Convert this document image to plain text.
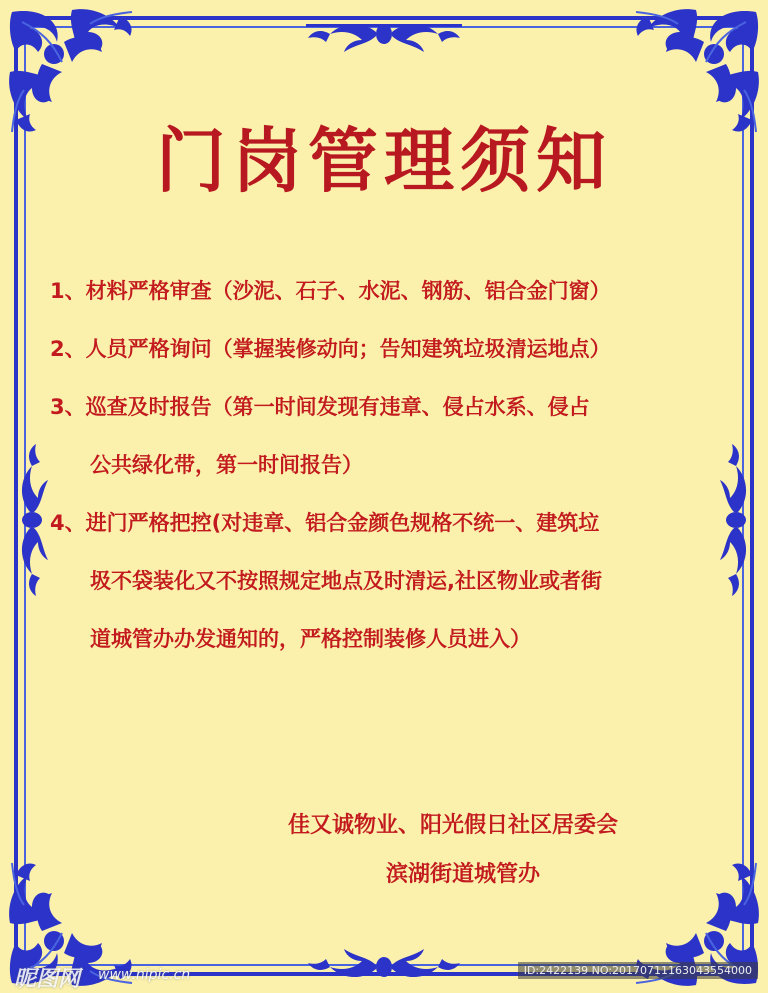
门岗管理须知
1、材料严格审查（沙泥、石子、水泥、钢筋、铝合金门窗）
2、人员严格询问（掌握装修动向；告知建筑垃圾清运地点）
3、巡查及时报告（第一时间发现有违章、侵占水系、侵占
公共绿化带，第一时间报告）
4、进门严格把控(对违章、铝合金颜色规格不统一、建筑垃
圾不袋装化又不按照规定地点及时清运,社区物业或者街
道城管办办发通知的，严格控制装修人员进入）
佳又诚物业、阳光假日社区居委会
滨湖街道城管办
昵图网 www.nipic.cn	ID:2422139 NO:20170711163043554000
